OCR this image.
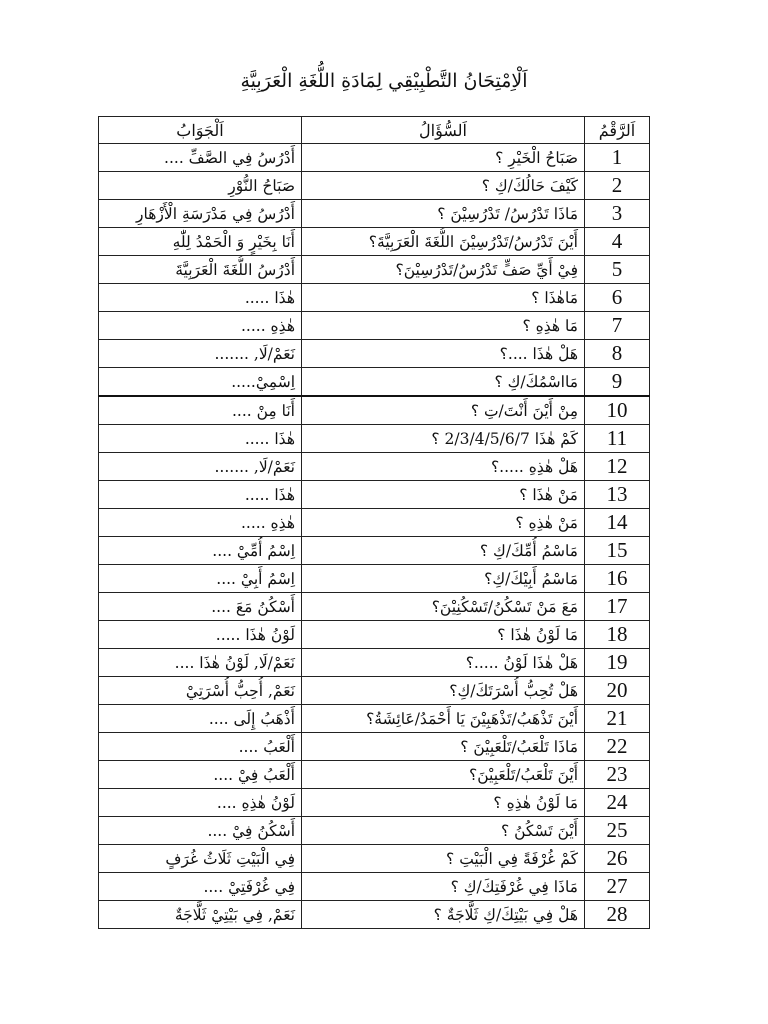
اَلْاِمْتِحَانُ التَّطْبِيْقِي لِمَادَةِ اللُّغَةِ الْعَرَبِيَّةِ
اَلرَّقْمُ	اَلسُّؤَالُ	اَلْجَوَابُ
1	صَبَاحُ الْخَيْرِ ؟	أَدْرُسُ فِي الصَّفِّ ....
2	كَيْفَ حَالُكَ/كِ ؟	صَبَاحُ النُّوْرِ
3	مَاذَا تَدْرُسُ/ تَدْرُسِيْنَ ؟	أَدْرُسُ فِي مَدْرَسَةِ الْأَزْهَارِ
4	أَيْنَ تَدْرُسُ/تَدْرُسِيْنَ اللُّغَةَ الْعَرَبِيَّةَ؟	أَنَا بِخَيْرٍ وَ الْحَمْدُ لِلّٰهِ
5	فِيْ أَيِّ صَفٍّ تَدْرُسُ/تَدْرُسِيْنَ؟	أَدْرُسُ اللُّغَةَ الْعَرَبِيَّةَ
6	مَاهٰذَا ؟	هٰذَا .....
7	مَا هٰذِهِ ؟	هٰذِهِ .....
8	هَلْ هٰذَا ....؟	نَعَمْ/لَا, .......
9	مَااسْمُكَ/كِ ؟	اِسْمِيْ.....
10	مِنْ أَيْنَ أَنْتَ/تِ ؟	أَنَا مِنْ ....
11	كَمْ هٰذَا 2/3/4/5/6/7 ؟	هٰذَا .....
12	هَلْ هٰذِهِ .....؟	نَعَمْ/لَا, .......
13	مَنْ هٰذَا ؟	هٰذَا .....
14	مَنْ هٰذِهِ ؟	هٰذِهِ .....
15	مَاسْمُ أُمِّكَ/كِ ؟	اِسْمُ أُمِّيْ ....
16	مَاسْمُ أَبِيْكَ/كِ؟	اِسْمُ أَبِيْ ....
17	مَعَ مَنْ تَسْكُنُ/تَسْكُنِيْنَ؟	أَسْكُنُ مَعَ ....
18	مَا لَوْنُ هٰذَا ؟	لَوْنُ هٰذَا .....
19	هَلْ هٰذَا لَوْنُ .....؟	نَعَمْ/لَا, لَوْنُ هٰذَا ....
20	هَلْ تُحِبُّ أُسْرَتَكَ/كِ؟	نَعَمْ, أُحِبُّ أُسْرَتِيْ
21	أَيْنَ تَذْهَبُ/تَذْهَبِيْنَ يَا أَحْمَدُ/عَائِشَةُ؟	أَذْهَبُ إِلَى ....
22	مَاذَا تَلْعَبُ/تَلْعَبِيْنَ ؟	أَلْعَبُ ....
23	أَيْنَ تَلْعَبُ/تَلْعَبِيْنَ؟	أَلْعَبُ فِيْ ....
24	مَا لَوْنُ هٰذِهِ ؟	لَوْنُ هٰذِهِ ....
25	أَيْنَ تَسْكُنُ ؟	أَسْكُنُ فِيْ ....
26	كَمْ غُرْفَةً فِي الْبَيْتِ ؟	فِي الْبَيْتِ ثَلَاثُ غُرَفٍ
27	مَاذَا فِي غُرْفَتِكَ/كِ ؟	فِي غُرْفَتِيْ ....
28	هَلْ فِي بَيْتِكَ/كِ ثَلَّاجَةٌ ؟	نَعَمْ, فِي بَيْتِيْ ثَلَّاجَةٌ
